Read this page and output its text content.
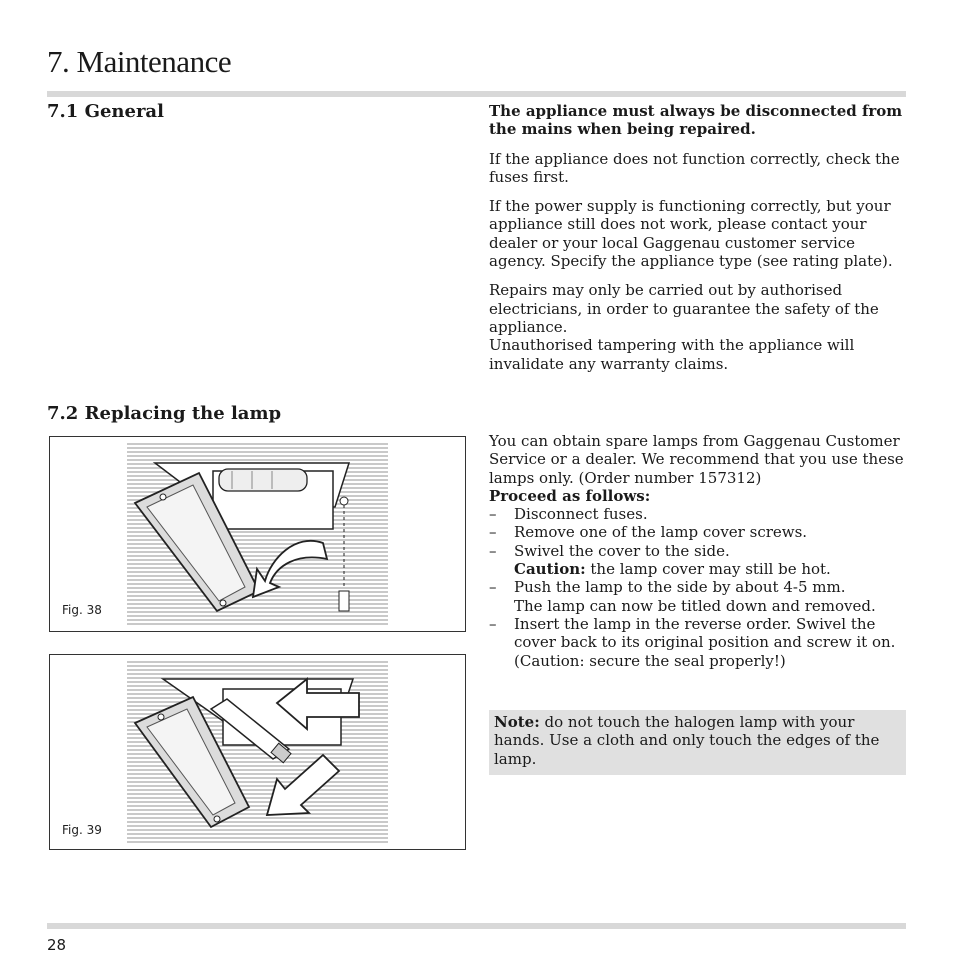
7. Maintenance
7.1 General	The appliance must always be disconnected from the mains when being repaired.

If the appliance does not function correctly, check the fuses first.

If the power supply is functioning correctly, but your appliance still does not work, please contact your dealer or your local Gaggenau customer service agency. Specify the appliance type (see rating plate).

Repairs may only be carried out by authorised electricians, in order to guarantee the safety of the appliance.

Unauthorised tampering with the appliance will invalidate any warranty claims.

7.2 Replacing the lamp

You can obtain spare lamps from Gaggenau Customer Service or a dealer. We recommend that you use these lamps only. (Order number 157312)

Proceed as follows:

– Disconnect fuses.
– Remove one of the lamp cover screws.
– Swivel the cover to the side.
Caution: the lamp cover may still be hot.
– Push the lamp to the side by about 4-5 mm.
The lamp can now be titled down and removed.
– Insert the lamp in the reverse order. Swivel the cover back to its original position and screw it on. (Caution: secure the seal properly!)

Note: do not touch the halogen lamp with your hands. Use a cloth and only touch the edges of the lamp.

Fig. 38
Fig. 39
28
